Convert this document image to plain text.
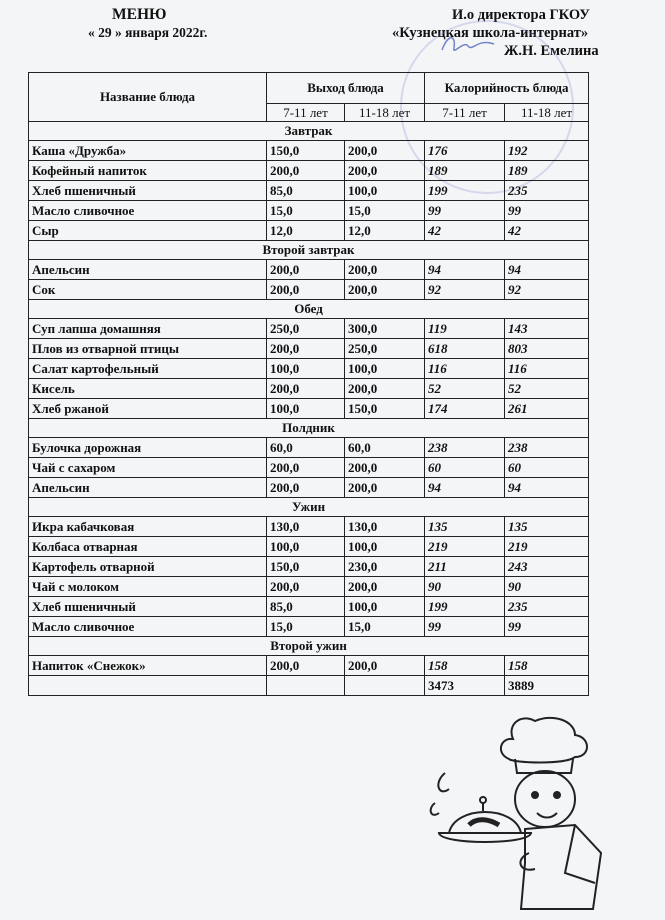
МЕНЮ
« 29 » января 2022г.
И.о директора ГКОУ
«Кузнецкая школа-интернат»
Ж.Н. Емелина
Название блюда	Выход блюда		Калорийность блюда	
	7-11 лет	11-18 лет	7-11 лет	11-18 лет
Завтрак				
Каша «Дружба»	150,0	200,0	176	192
Кофейный напиток	200,0	200,0	189	189
Хлеб пшеничный	85,0	100,0	199	235
Масло сливочное	15,0	15,0	99	99
Сыр	12,0	12,0	42	42
Второй завтрак				
Апельсин	200,0	200,0	94	94
Сок	200,0	200,0	92	92
Обед				
Суп лапша домашняя	250,0	300,0	119	143
Плов из отварной птицы	200,0	250,0	618	803
Салат картофельный	100,0	100,0	116	116
Кисель	200,0	200,0	52	52
Хлеб ржаной	100,0	150,0	174	261
Полдник				
Булочка дорожная	60,0	60,0	238	238
Чай с сахаром	200,0	200,0	60	60
Апельсин	200,0	200,0	94	94
Ужин				
Икра кабачковая	130,0	130,0	135	135
Колбаса отварная	100,0	100,0	219	219
Картофель отварной	150,0	230,0	211	243
Чай с молоком	200,0	200,0	90	90
Хлеб пшеничный	85,0	100,0	199	235
Масло сливочное	15,0	15,0	99	99
Второй ужин				
Напиток «Снежок»	200,0	200,0	158	158
			3473	3889
